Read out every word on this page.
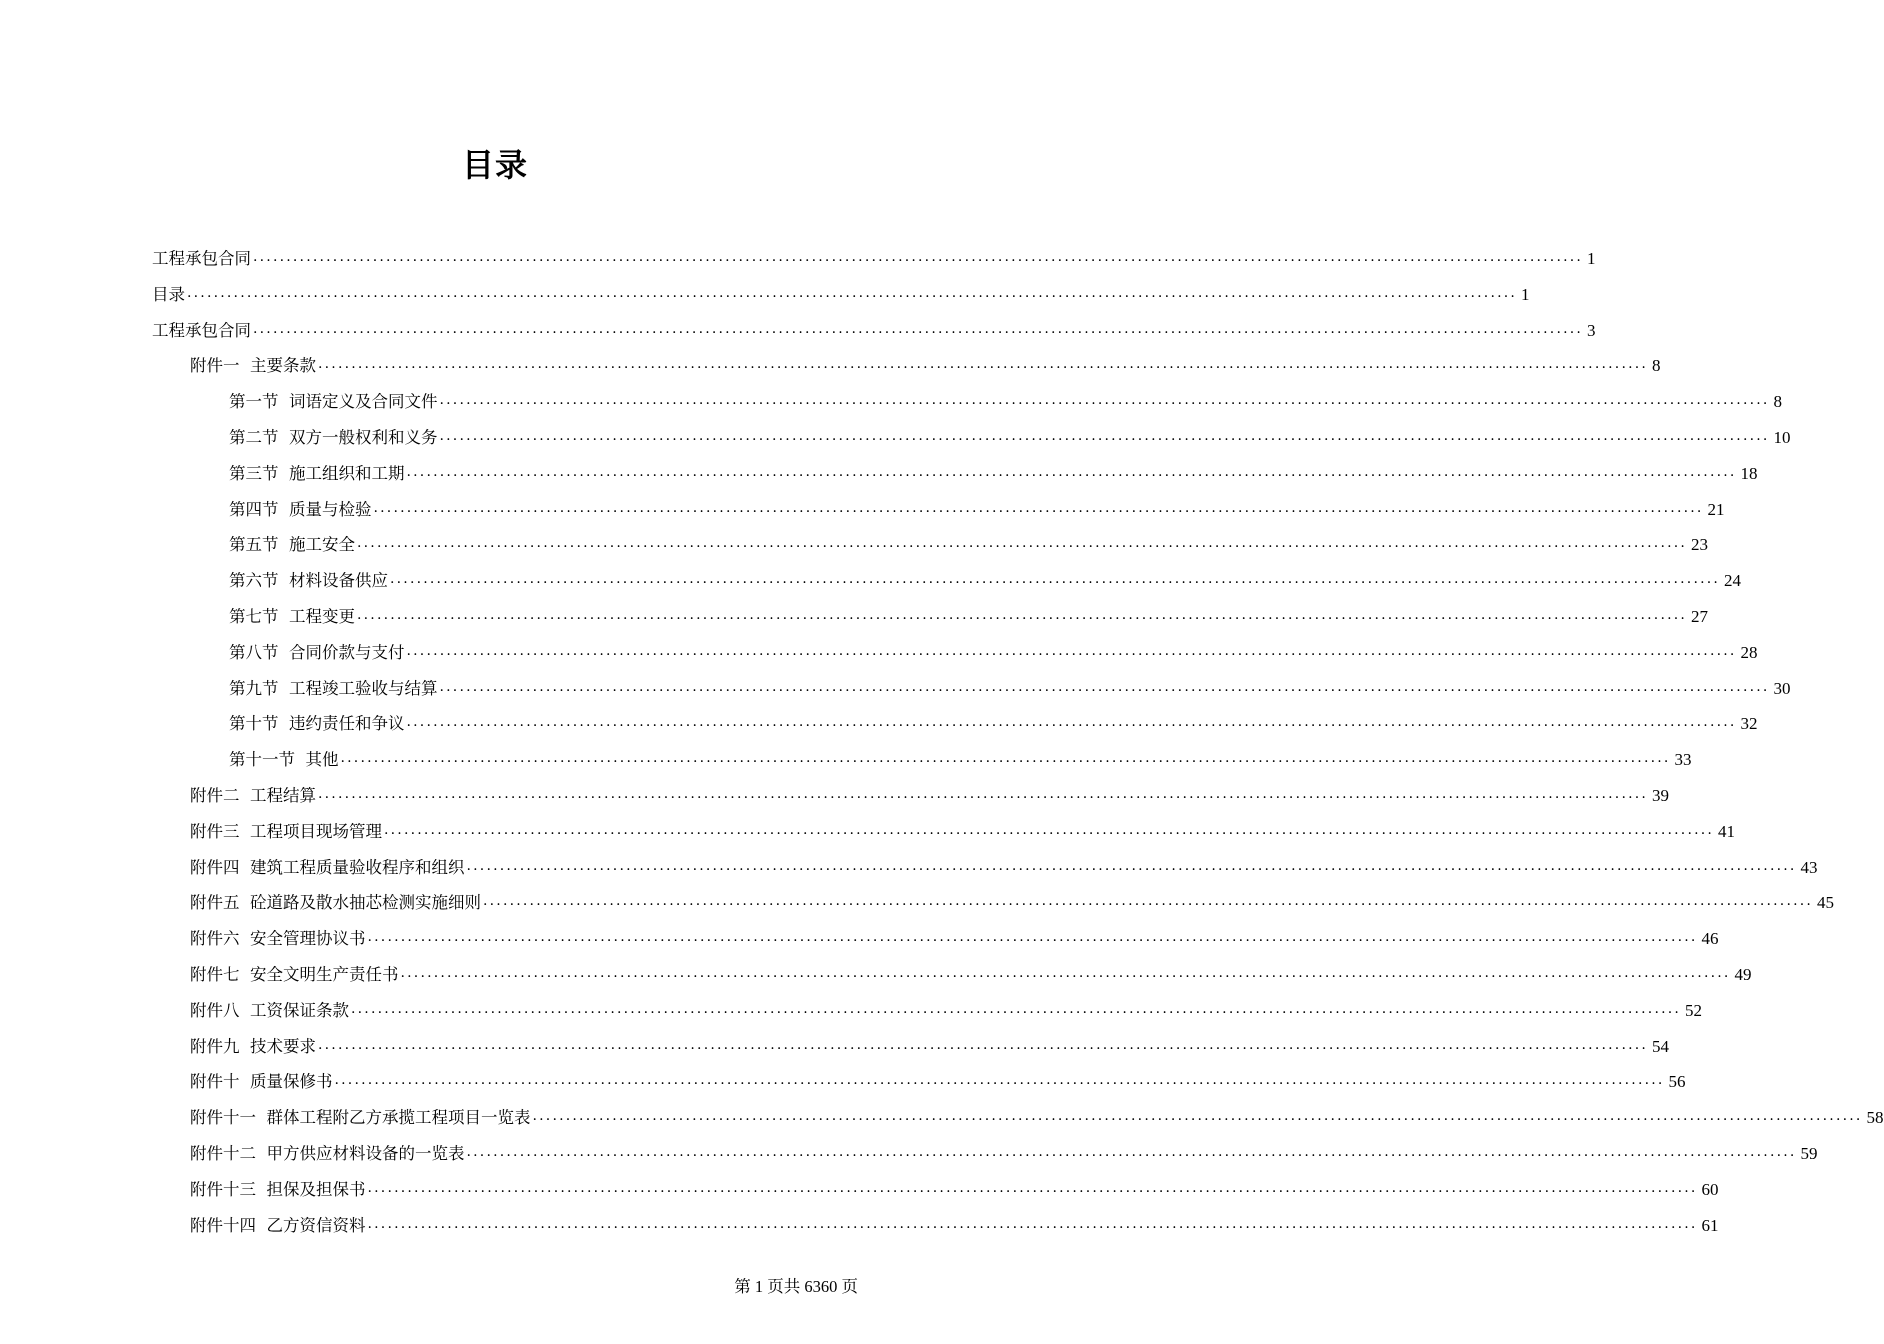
目录
工程承包合同 ........................................................................................................................................................................................................ 1
目录 ........................................................................................................................................................................................................ 1
工程承包合同 ........................................................................................................................................................................................................ 3
附件一  主要条款 ........................................................................................................................................................................................................ 8
第一节  词语定义及合同文件 ........................................................................................................................................................................................................ 8
第二节  双方一般权利和义务 ........................................................................................................................................................................................................ 10
第三节  施工组织和工期 ........................................................................................................................................................................................................ 18
第四节  质量与检验 ........................................................................................................................................................................................................ 21
第五节  施工安全 ........................................................................................................................................................................................................ 23
第六节  材料设备供应 ........................................................................................................................................................................................................ 24
第七节  工程变更 ........................................................................................................................................................................................................ 27
第八节  合同价款与支付 ........................................................................................................................................................................................................ 28
第九节  工程竣工验收与结算 ........................................................................................................................................................................................................ 30
第十节  违约责任和争议 ........................................................................................................................................................................................................ 32
第十一节  其他 ........................................................................................................................................................................................................ 33
附件二  工程结算 ........................................................................................................................................................................................................ 39
附件三  工程项目现场管理 ........................................................................................................................................................................................................ 41
附件四  建筑工程质量验收程序和组织 ........................................................................................................................................................................................................ 43
附件五  砼道路及散水抽芯检测实施细则 ........................................................................................................................................................................................................ 45
附件六  安全管理协议书 ........................................................................................................................................................................................................ 46
附件七  安全文明生产责任书 ........................................................................................................................................................................................................ 49
附件八  工资保证条款 ........................................................................................................................................................................................................ 52
附件九  技术要求 ........................................................................................................................................................................................................ 54
附件十  质量保修书 ........................................................................................................................................................................................................ 56
附件十一  群体工程附乙方承揽工程项目一览表 ........................................................................................................................................................................................................ 58
附件十二  甲方供应材料设备的一览表 ........................................................................................................................................................................................................ 59
附件十三  担保及担保书 ........................................................................................................................................................................................................ 60
附件十四  乙方资信资料 ........................................................................................................................................................................................................ 61
第 1 页共 6360 页
